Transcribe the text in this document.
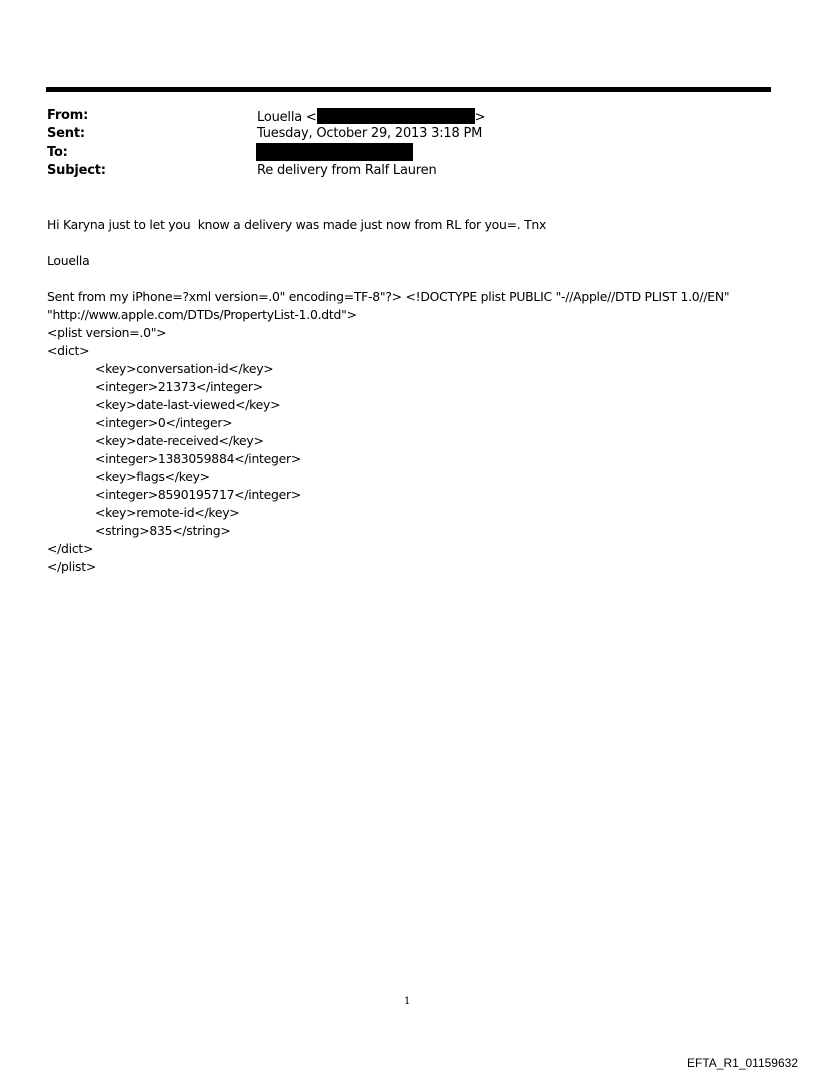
From:	Louella <	>
Sent:	Tuesday, October 29, 2013 3:18 PM
To:
Subject:	Re delivery from Ralf Lauren
Hi Karyna just to let you  know a delivery was made just now from RL for you=. Tnx
Louella
Sent from my iPhone=?xml version=.0" encoding=TF-8"?> <!DOCTYPE plist PUBLIC "-//Apple//DTD PLIST 1.0//EN"
"http://www.apple.com/DTDs/PropertyList-1.0.dtd">
<plist version=.0">
<dict>
<key>conversation-id</key>
<integer>21373</integer>
<key>date-last-viewed</key>
<integer>0</integer>
<key>date-received</key>
<integer>1383059884</integer>
<key>flags</key>
<integer>8590195717</integer>
<key>remote-id</key>
<string>835</string>
</dict>
</plist>
1
EFTA_R1_01159632
